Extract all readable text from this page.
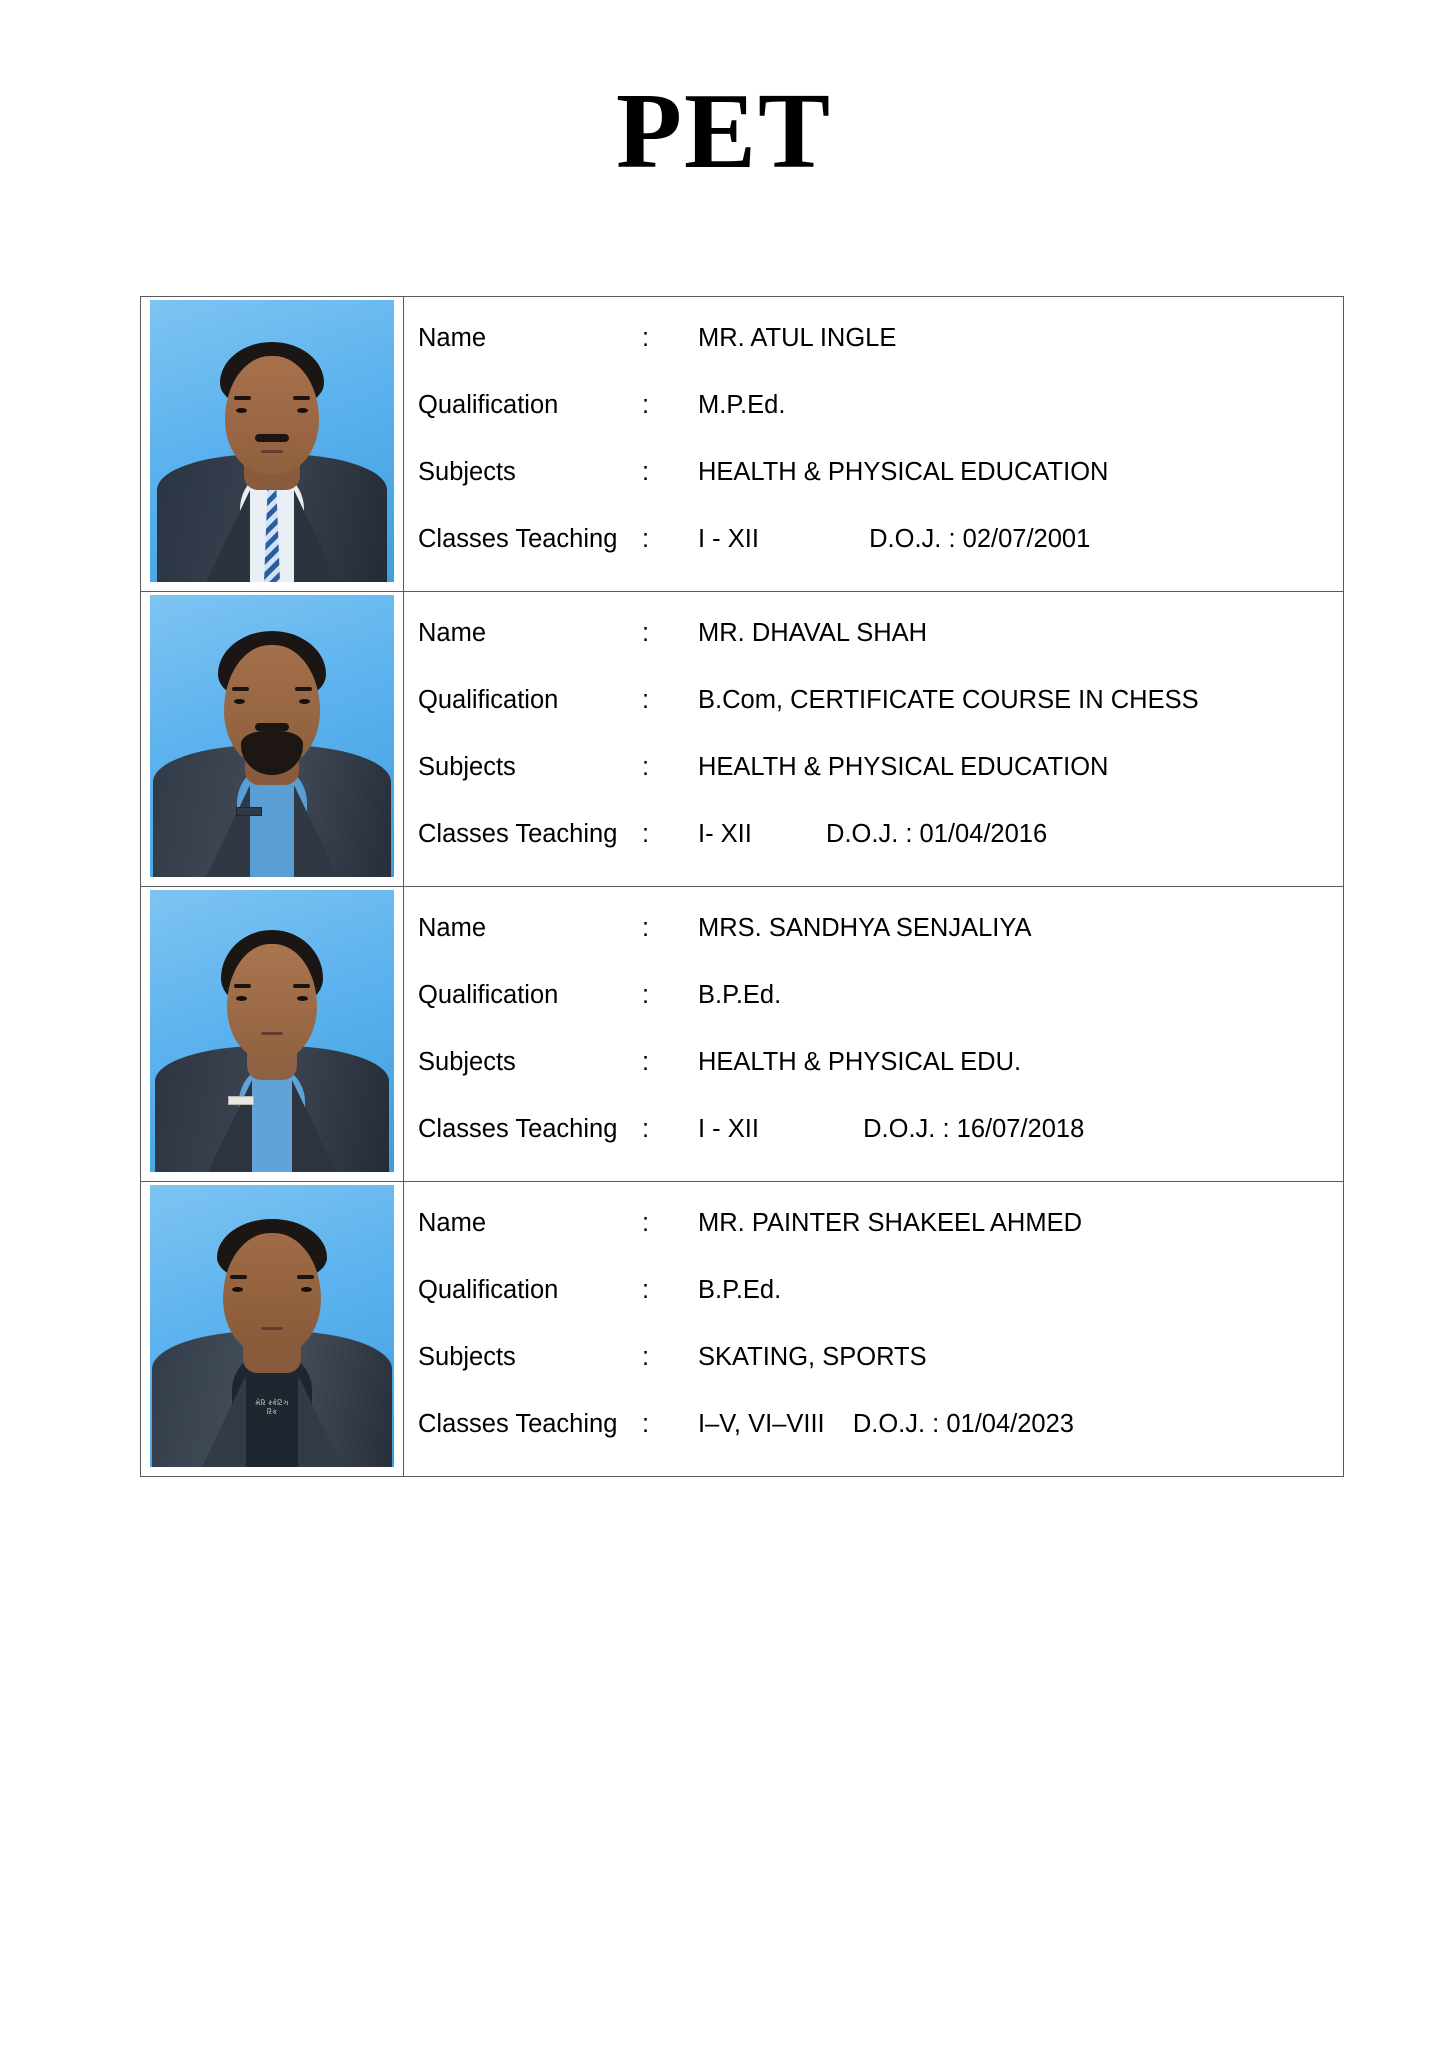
PET

Name	:	MR. ATUL INGLE
Qualification	:	M.P.Ed.
Subjects	:	HEALTH & PHYSICAL EDUCATION
Classes Teaching :	I - XII	D.O.J. : 02/07/2001

Name	:	MR. DHAVAL SHAH
Qualification	:	B.Com, CERTIFICATE COURSE IN CHESS
Subjects	:	HEALTH & PHYSICAL EDUCATION
Classes Teaching :	I- XII	D.O.J. : 01/04/2016

Name	:	MRS. SANDHYA SENJALIYA
Qualification	:	B.P.Ed.
Subjects	:	HEALTH & PHYSICAL EDU.
Classes Teaching :	I - XII	D.O.J. : 16/07/2018

મેરિ સ્કેટિંગ
રિંક

Name	:	MR. PAINTER SHAKEEL AHMED
Qualification	:	B.P.Ed.
Subjects	:	SKATING, SPORTS
Classes Teaching :	I–V, VI–VIII D.O.J. : 01/04/2023
